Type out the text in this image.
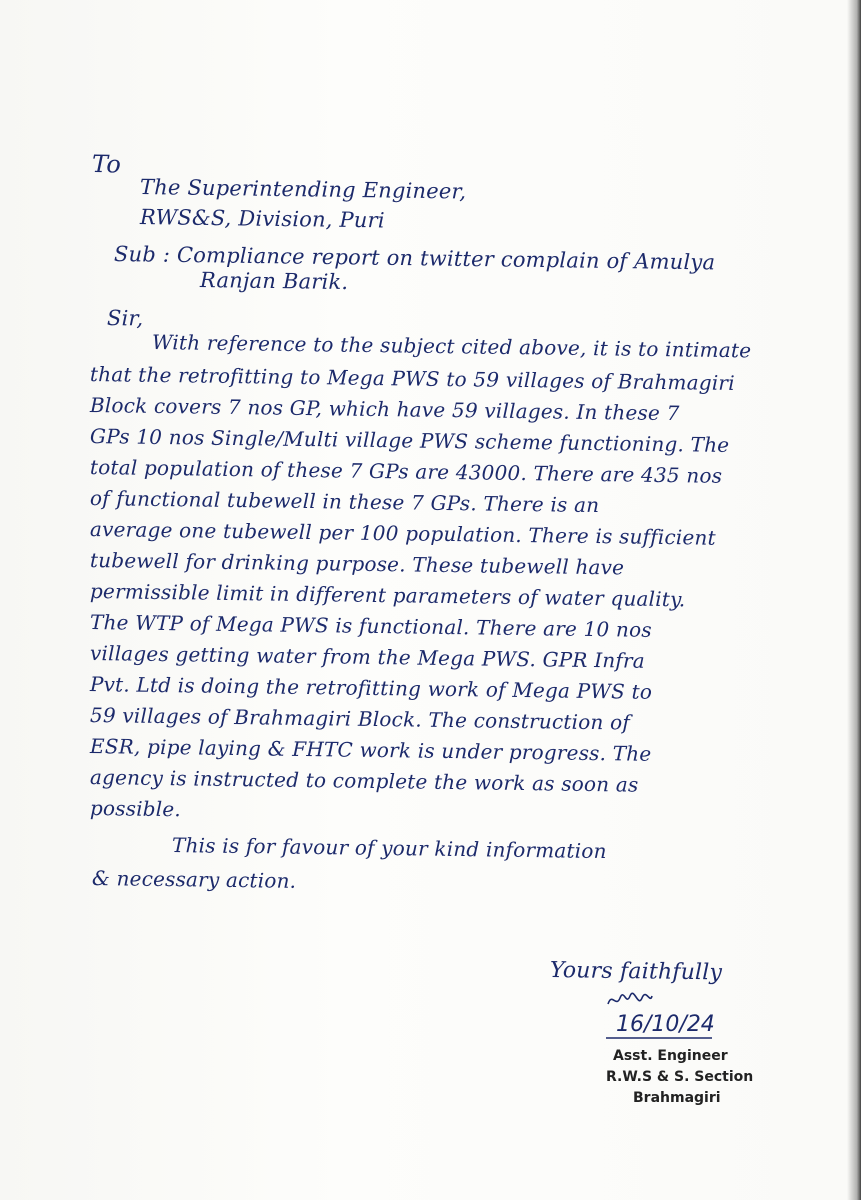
To
The Superintending Engineer,
RWS&S, Division, Puri
Sub : Compliance report on twitter complain of Amulya
Ranjan Barik.
Sir,
With reference to the subject cited above, it is to intimate
that the retrofitting to Mega PWS to 59 villages of Brahmagiri
Block covers 7 nos GP, which have 59 villages. In these 7
GPs 10 nos Single/Multi village PWS scheme functioning. The
total population of these 7 GPs are 43000. There are 435 nos
of functional tubewell in these 7 GPs. There is an
average one tubewell per 100 population. There is sufficient
tubewell for drinking purpose. These tubewell have
permissible limit in different parameters of water quality.
The WTP of Mega PWS is functional. There are 10 nos
villages getting water from the Mega PWS. GPR Infra
Pvt. Ltd is doing the retrofitting work of Mega PWS to
59 villages of Brahmagiri Block. The construction of
ESR, pipe laying & FHTC work is under progress. The
agency is instructed to complete the work as soon as
possible.
This is for favour of your kind information
& necessary action.
Yours faithfully
16/10/24
Asst. Engineer
R.W.S & S. Section
Brahmagiri
